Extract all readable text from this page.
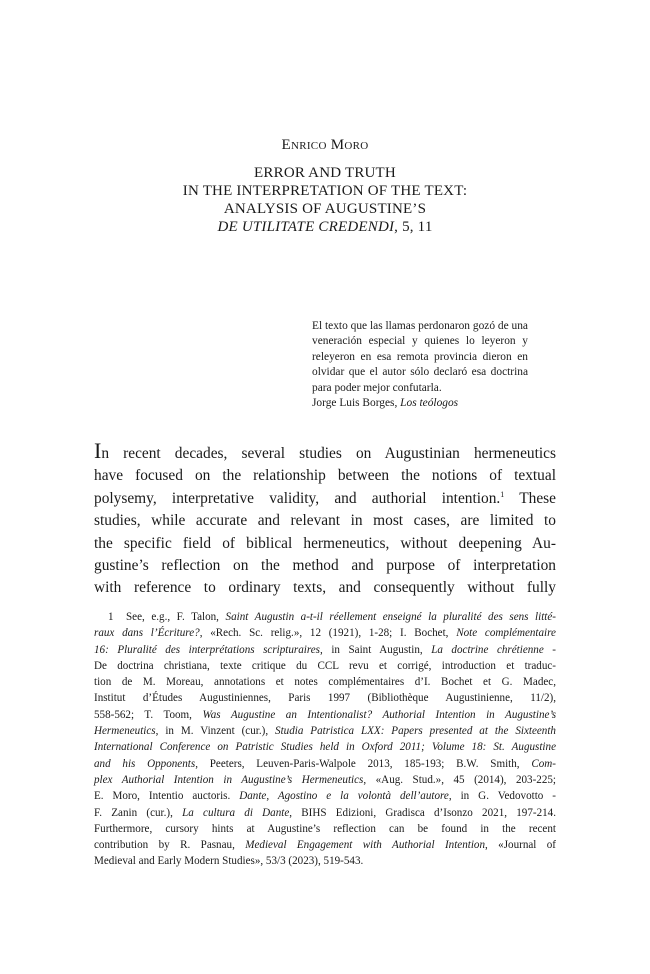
Enrico Moro
ERROR AND TRUTH
IN THE INTERPRETATION OF THE TEXT:
ANALYSIS OF AUGUSTINE’S
DE UTILITATE CREDENDI, 5, 11
El texto que las llamas perdonaron gozó de una veneración especial y quienes lo leyeron y releyeron en esa remota provincia dieron en olvidar que el autor sólo declaró esa doctrina para poder mejor confutarla.
Jorge Luis Borges, Los teólogos
In recent decades, several studies on Augustinian hermeneutics
have focused on the relationship between the notions of textual
polysemy, interpretative validity, and authorial intention.$^1$ These
studies, while accurate and relevant in most cases, are limited to
the specific field of biblical hermeneutics, without deepening Au-
gustine’s reflection on the method and purpose of interpretation
with reference to ordinary texts, and consequently without fully
1 See, e.g., F. Talon, Saint Augustin a-t-il réellement enseigné la pluralité des sens litté-
raux dans l’Écriture?, «Rech. Sc. relig.», 12 (1921), 1-28; I. Bochet, Note complémentaire
16: Pluralité des interprétations scripturaires, in Saint Augustin, La doctrine chrétienne -
De doctrina christiana, texte critique du CCL revu et corrigé, introduction et traduc-
tion de M. Moreau, annotations et notes complémentaires d’I. Bochet et G. Madec,
Institut d’Études Augustiniennes, Paris 1997 (Bibliothèque Augustinienne, 11/2),
558-562; T. Toom, Was Augustine an Intentionalist? Authorial Intention in Augustine’s
Hermeneutics, in M. Vinzent (cur.), Studia Patristica LXX: Papers presented at the Sixteenth
International Conference on Patristic Studies held in Oxford 2011; Volume 18: St. Augustine
and his Opponents, Peeters, Leuven-Paris-Walpole 2013, 185-193; B.W. Smith, Com-
plex Authorial Intention in Augustine’s Hermeneutics, «Aug. Stud.», 45 (2014), 203-225;
E. Moro, Intentio auctoris. Dante, Agostino e la volontà dell’autore, in G. Vedovotto -
F. Zanin (cur.), La cultura di Dante, BIHS Edizioni, Gradisca d’Isonzo 2021, 197-214.
Furthermore, cursory hints at Augustine’s reflection can be found in the recent
contribution by R. Pasnau, Medieval Engagement with Authorial Intention, «Journal of
Medieval and Early Modern Studies», 53/3 (2023), 519-543.
